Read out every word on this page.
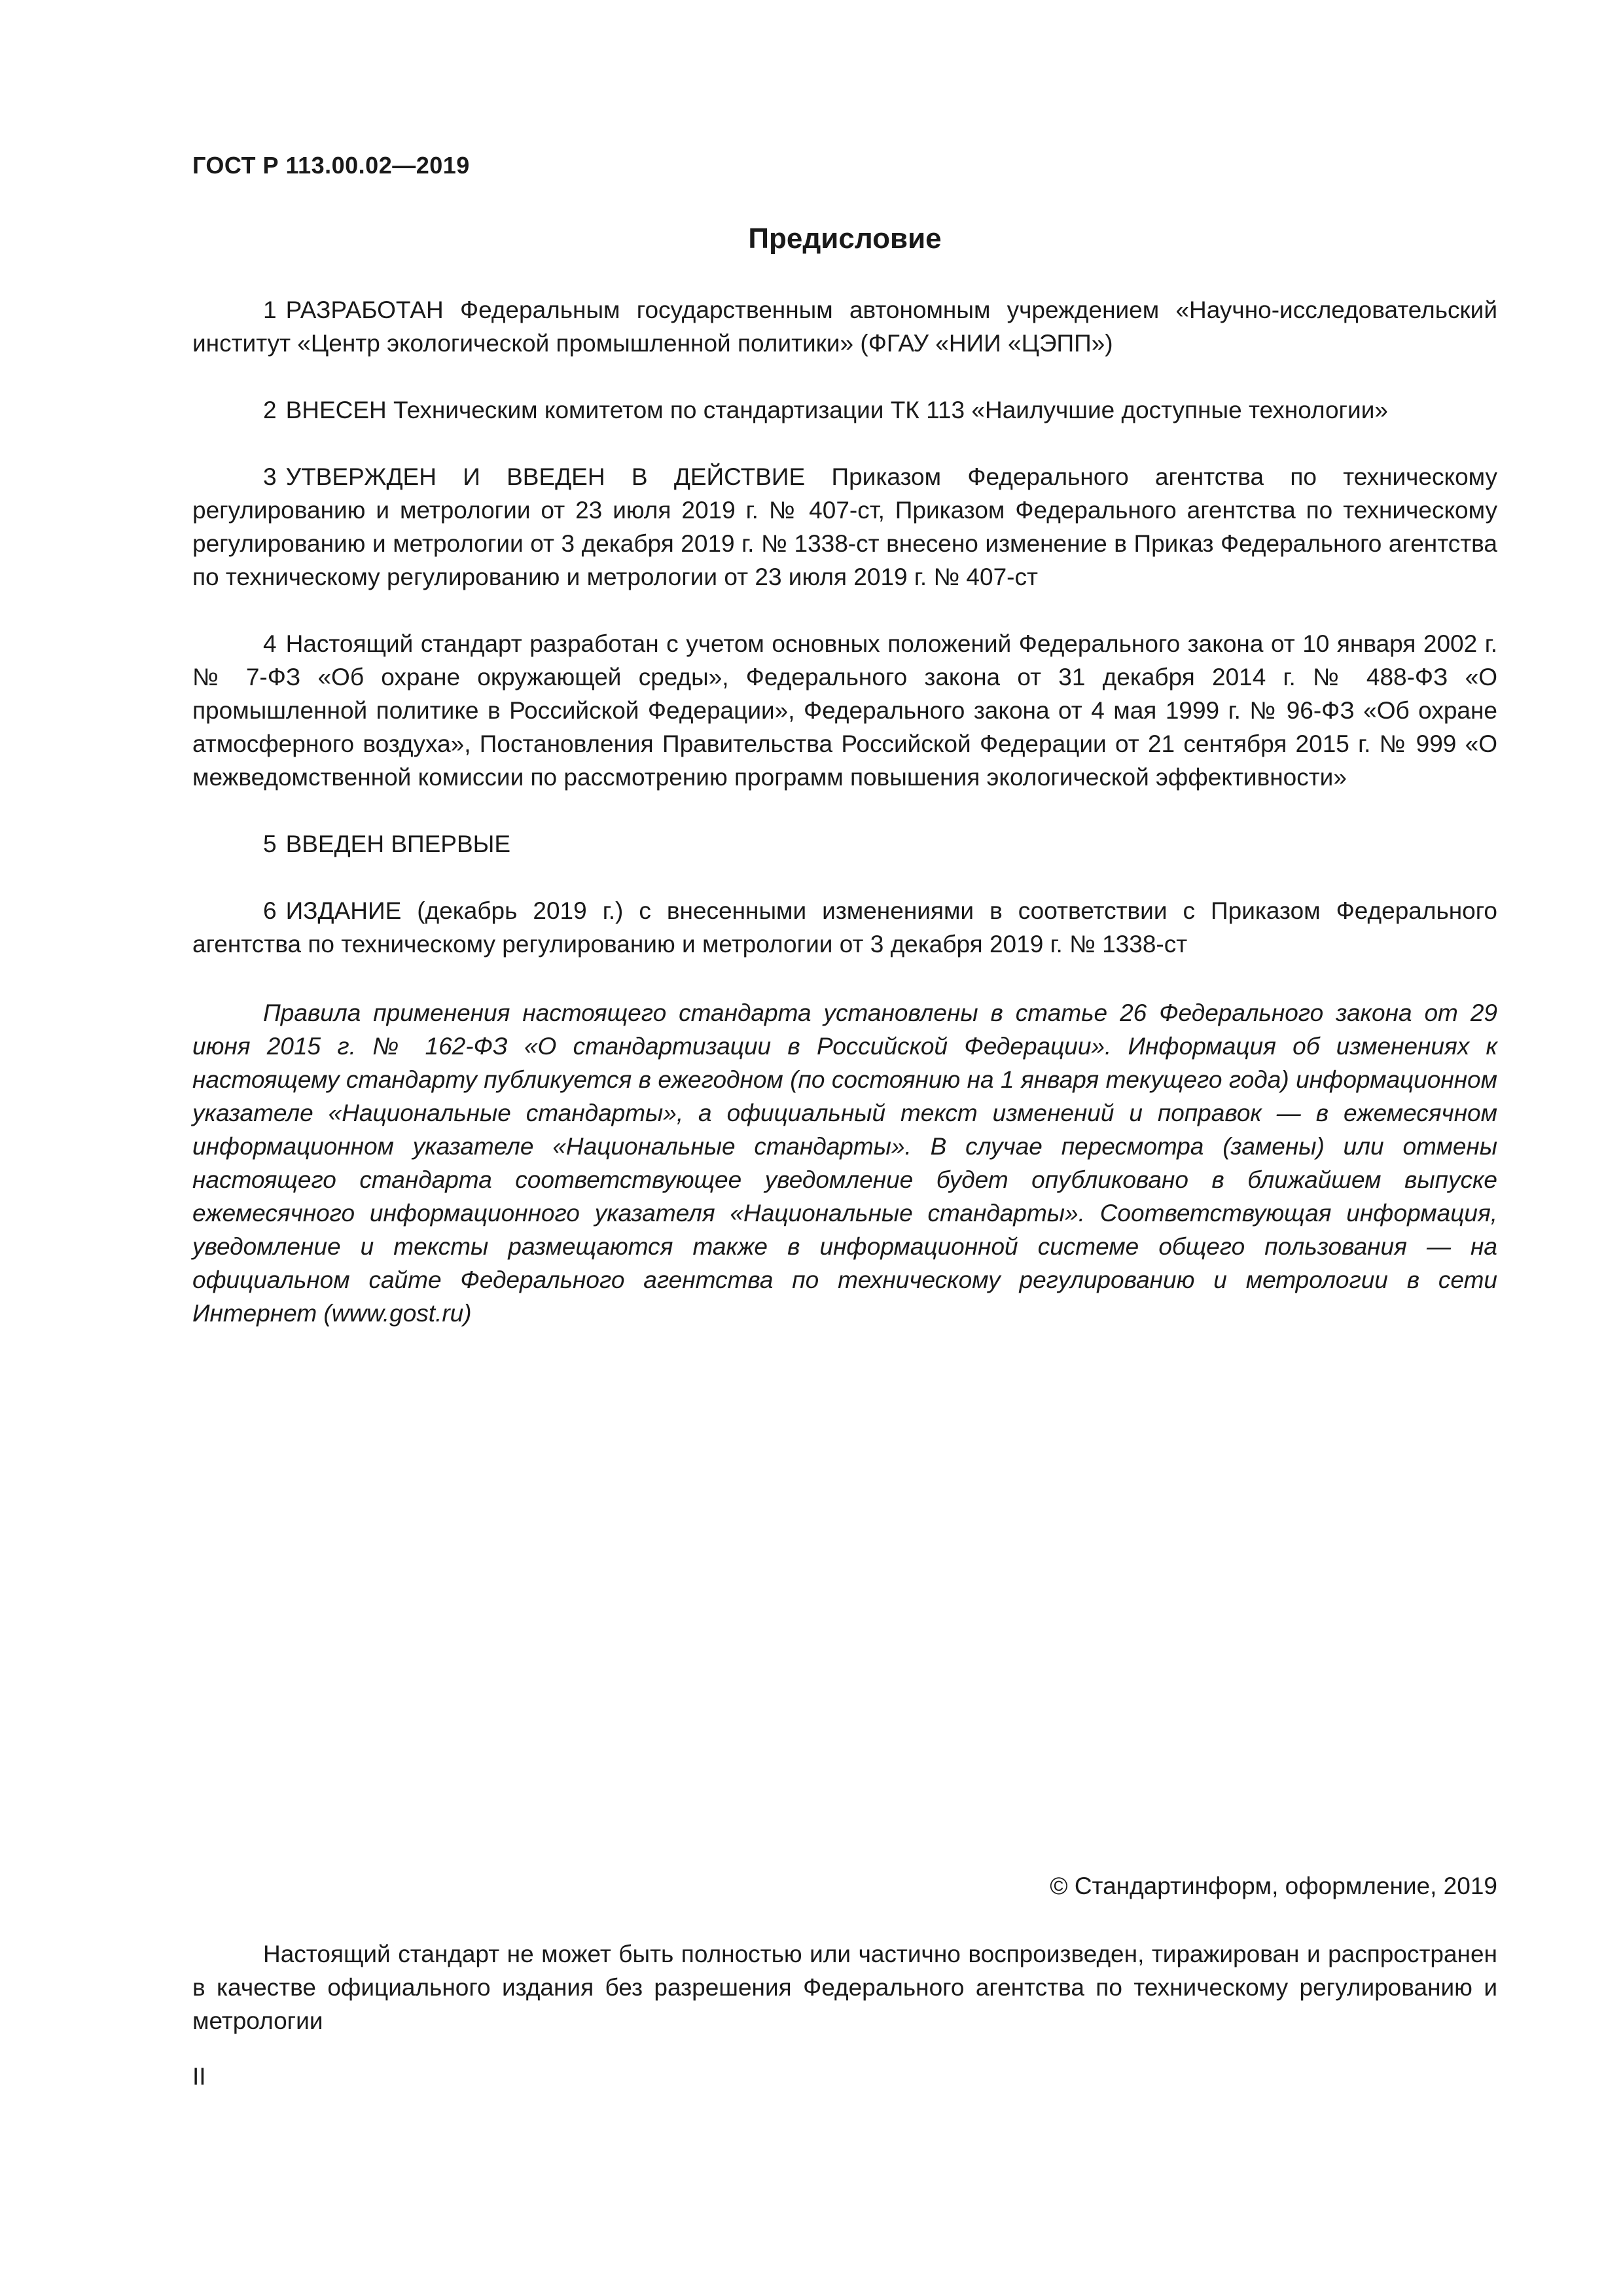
ГОСТ Р 113.00.02—2019
Предисловие

1 РАЗРАБОТАН Федеральным государственным автономным учреждением «Научно-исследовательский институт «Центр экологической промышленной политики» (ФГАУ «НИИ «ЦЭПП»)

2 ВНЕСЕН Техническим комитетом по стандартизации ТК 113 «Наилучшие доступные технологии»

3 УТВЕРЖДЕН И ВВЕДЕН В ДЕЙСТВИЕ Приказом Федерального агентства по техническому регулированию и метрологии от 23 июля 2019 г. № 407-ст, Приказом Федерального агентства по техническому регулированию и метрологии от 3 декабря 2019 г. № 1338-ст внесено изменение в Приказ Федерального агентства по техническому регулированию и метрологии от 23 июля 2019 г. № 407-ст

4 Настоящий стандарт разработан с учетом основных положений Федерального закона от 10 января 2002 г. № 7-ФЗ «Об охране окружающей среды», Федерального закона от 31 декабря 2014 г. № 488-ФЗ «О промышленной политике в Российской Федерации», Федерального закона от 4 мая 1999 г. № 96-ФЗ «Об охране атмосферного воздуха», Постановления Правительства Российской Федерации от 21 сентября 2015 г. № 999 «О межведомственной комиссии по рассмотрению программ повышения экологической эффективности»

5 ВВЕДЕН ВПЕРВЫЕ

6 ИЗДАНИЕ (декабрь 2019 г.) с внесенными изменениями в соответствии с Приказом Федерального агентства по техническому регулированию и метрологии от 3 декабря 2019 г. № 1338-ст

Правила применения настоящего стандарта установлены в статье 26 Федерального закона от 29 июня 2015 г. № 162-ФЗ «О стандартизации в Российской Федерации». Информация об изменениях к настоящему стандарту публикуется в ежегодном (по состоянию на 1 января текущего года) информационном указателе «Национальные стандарты», а официальный текст изменений и поправок — в ежемесячном информационном указателе «Национальные стандарты». В случае пересмотра (замены) или отмены настоящего стандарта соответствующее уведомление будет опубликовано в ближайшем выпуске ежемесячного информационного указателя «Национальные стандарты». Соответствующая информация, уведомление и тексты размещаются также в информационной системе общего пользования — на официальном сайте Федерального агентства по техническому регулированию и метрологии в сети Интернет (www.gost.ru)

© Стандартинформ, оформление, 2019

Настоящий стандарт не может быть полностью или частично воспроизведен, тиражирован и распространен в качестве официального издания без разрешения Федерального агентства по техническому регулированию и метрологии

II
